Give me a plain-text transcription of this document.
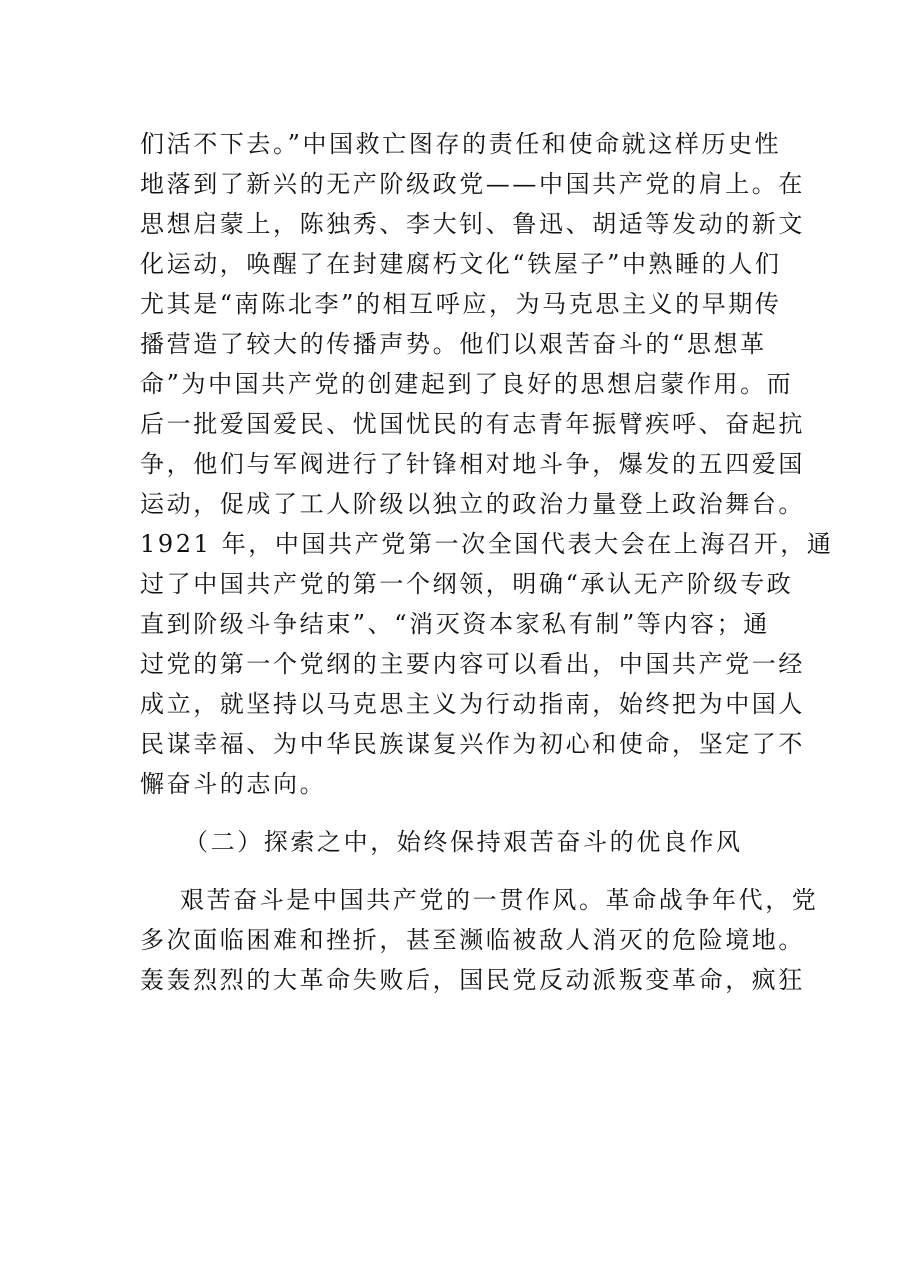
们活不下去。”中国救亡图存的责任和使命就这样历史性
地落到了新兴的无产阶级政党——中国共产党的肩上。在
思想启蒙上，陈独秀、李大钊、鲁迅、胡适等发动的新文
化运动，唤醒了在封建腐朽文化“铁屋子”中熟睡的人们
尤其是“南陈北李”的相互呼应，为马克思主义的早期传
播营造了较大的传播声势。他们以艰苦奋斗的“思想革
命”为中国共产党的创建起到了良好的思想启蒙作用。而
后一批爱国爱民、忧国忧民的有志青年振臂疾呼、奋起抗
争，他们与军阀进行了针锋相对地斗争，爆发的五四爱国
运动，促成了工人阶级以独立的政治力量登上政治舞台。
1921 年，中国共产党第一次全国代表大会在上海召开，通
过了中国共产党的第一个纲领，明确“承认无产阶级专政
直到阶级斗争结束”、“消灭资本家私有制”等内容；通
过党的第一个党纲的主要内容可以看出，中国共产党一经
成立，就坚持以马克思主义为行动指南，始终把为中国人
民谋幸福、为中华民族谋复兴作为初心和使命，坚定了不
懈奋斗的志向。
（二）探索之中，始终保持艰苦奋斗的优良作风
艰苦奋斗是中国共产党的一贯作风。革命战争年代，党
多次面临困难和挫折，甚至濒临被敌人消灭的危险境地。
轰轰烈烈的大革命失败后，国民党反动派叛变革命，疯狂
